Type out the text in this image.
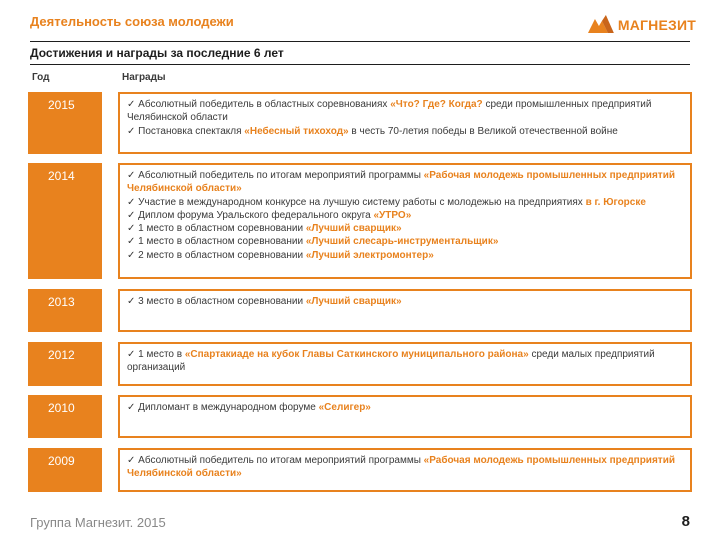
Деятельность союза молодежи	МАГНЕЗИТ
Достижения и награды за последние 6 лет
Год	Награды
2015	✓ Абсолютный победитель в областных соревнованиях «Что? Где? Когда? среди промышленных предприятий Челябинской области
✓ Постановка спектакля «Небесный тихоход» в честь 70-летия победы в Великой отечественной войне
2014	✓ Абсолютный победитель по итогам мероприятий программы «Рабочая молодежь промышленных предприятий Челябинской области»
✓ Участие в международном конкурсе на лучшую систему работы с молодежью на предприятиях в г. Югорске
✓ Диплом форума Уральского федерального округа «УТРО»
✓ 1 место в областном соревновании «Лучший сварщик»
✓ 1 место в областном соревновании «Лучший слесарь-инструментальщик»
✓ 2 место в областном соревновании «Лучший электромонтер»
2013	✓ 3 место в областном соревновании «Лучший сварщик»
2012	✓ 1 место в «Спартакиаде на кубок Главы Саткинского муниципального района» среди малых предприятий организаций
2010	✓ Дипломант в международном форуме «Селигер»
2009	✓ Абсолютный победитель по итогам мероприятий программы «Рабочая молодежь промышленных предприятий Челябинской области»
Группа Магнезит. 2015	8
